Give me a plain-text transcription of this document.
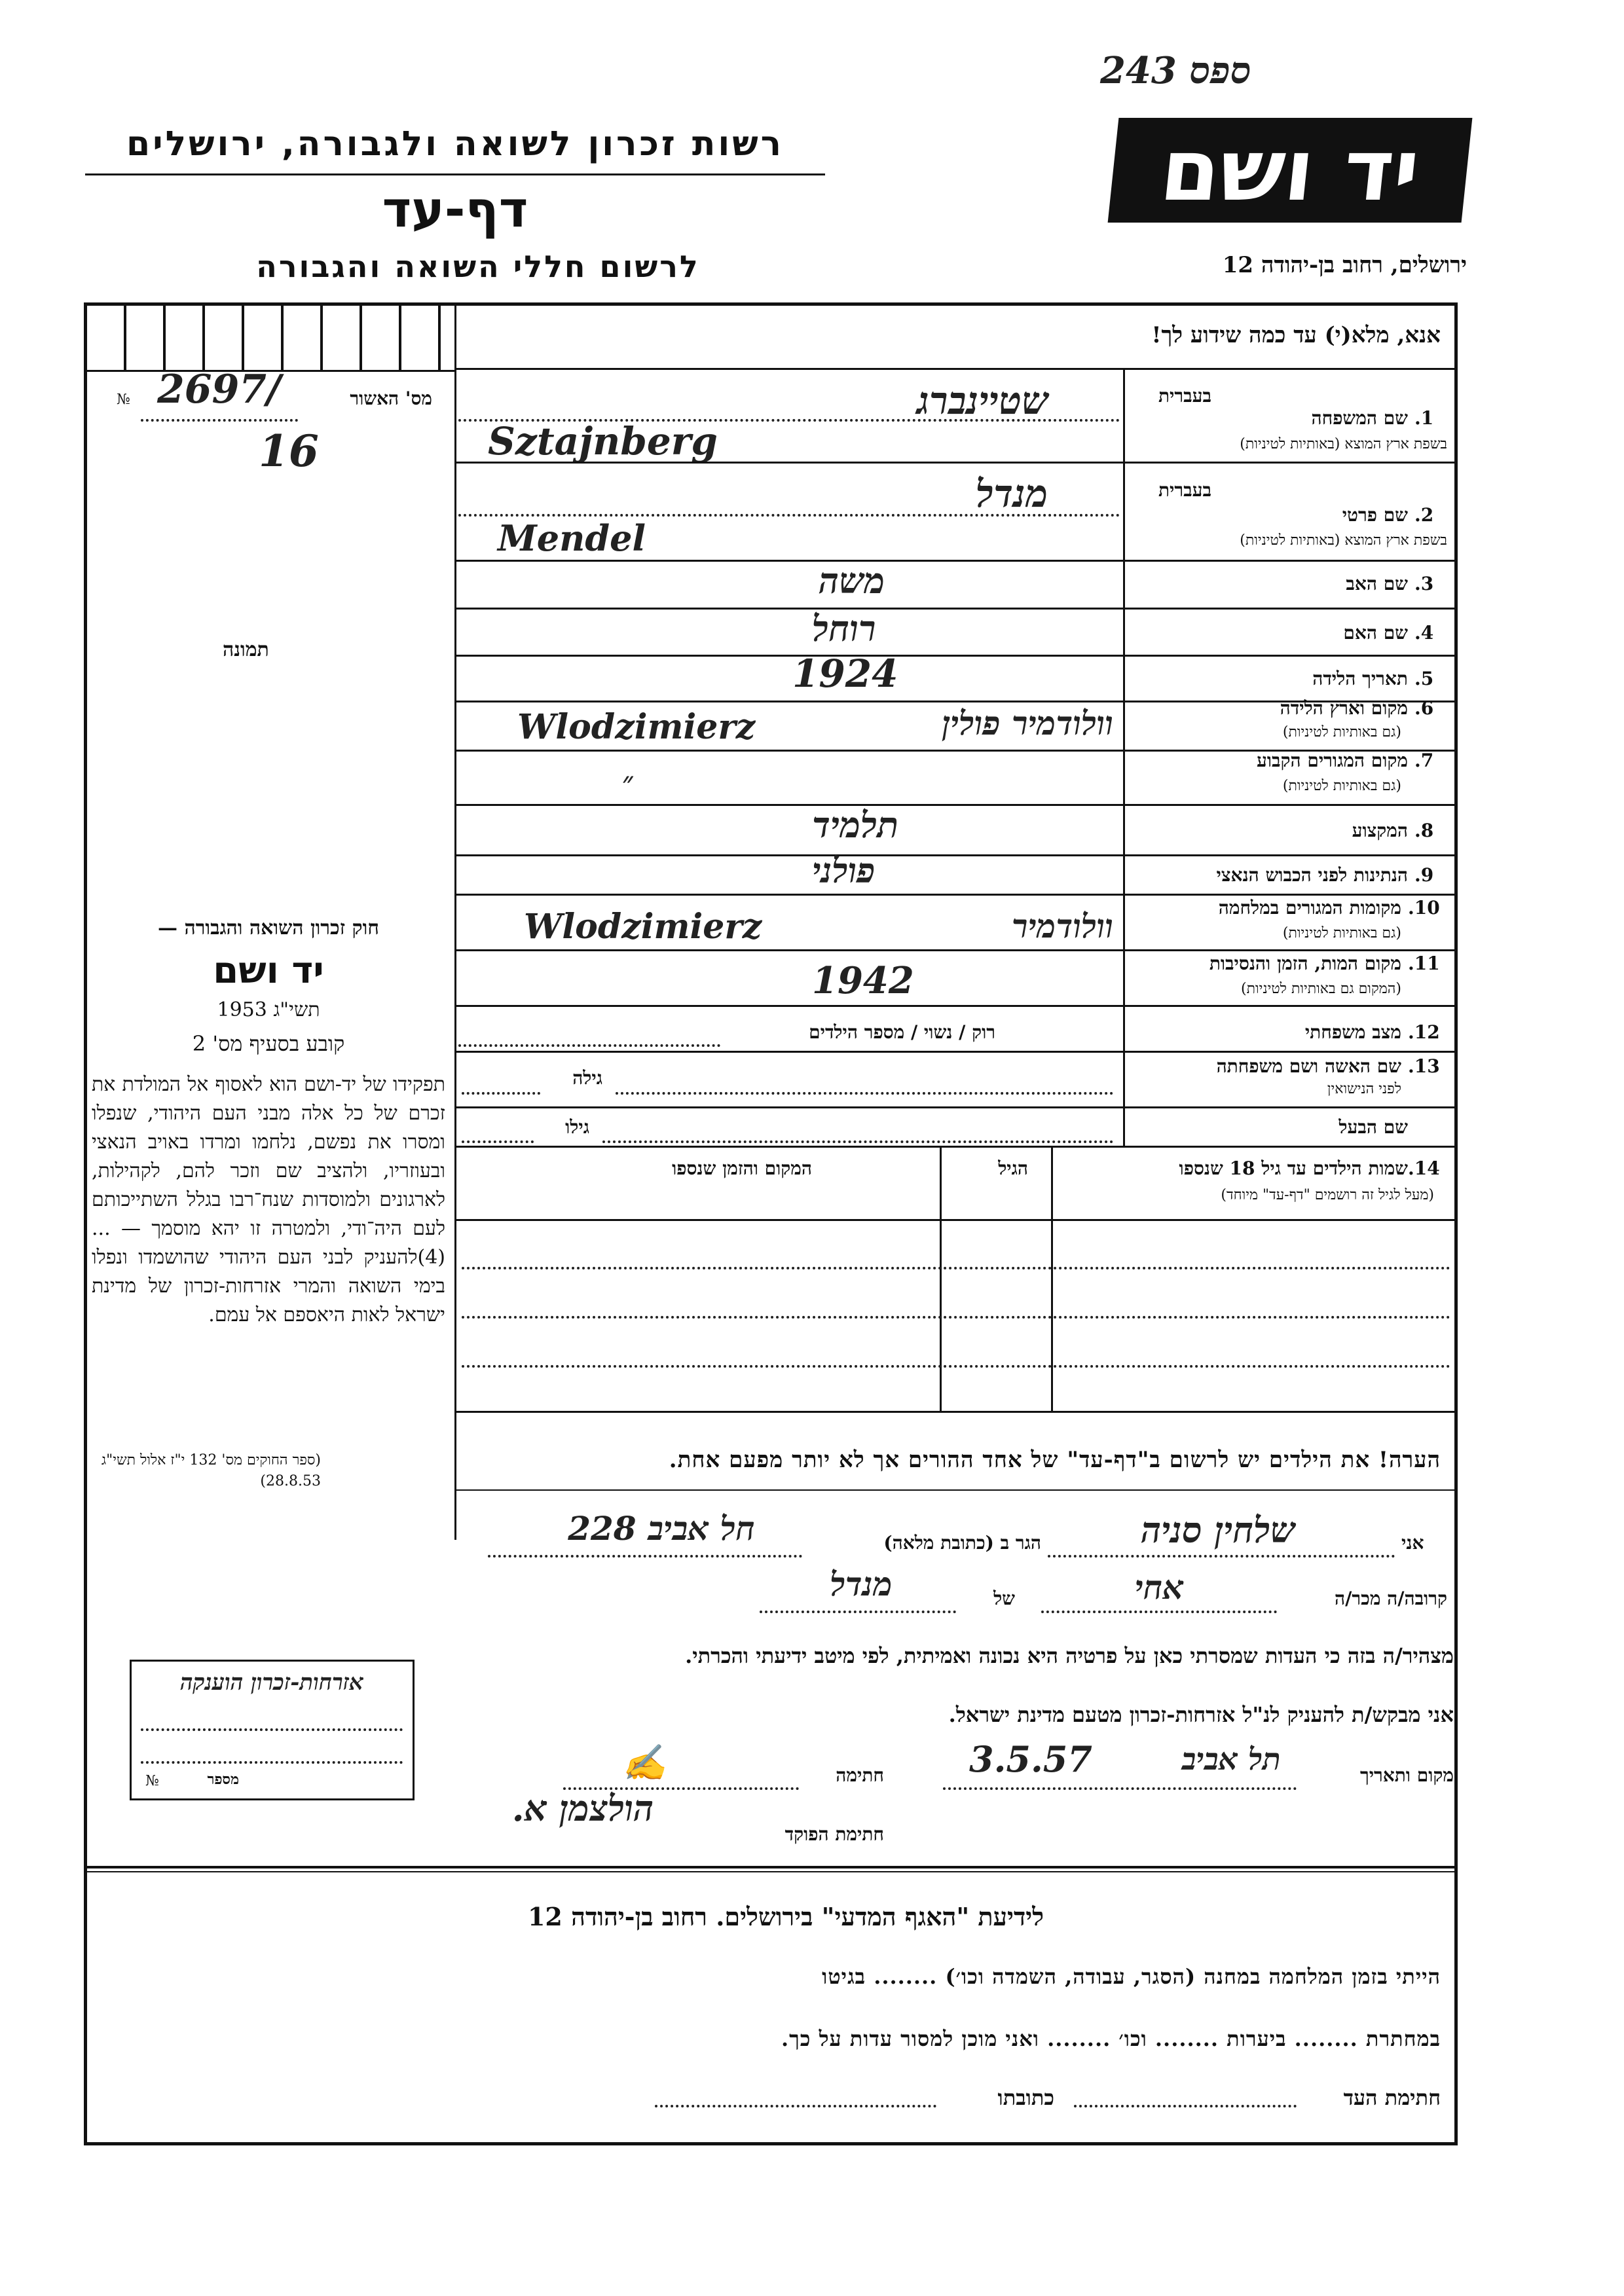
ספס 243
יד ושם
רשות זכרון לשואה ולגבורה, ירושלים
דף-עד
לרשום חללי השואה והגבורה	ירושלים, רחוב בן-יהודה 12
אנא, מלא(י) עד כמה שידוע לך!
מס' האשור
№ 2697/
16
תמונה
בעברית
1.
שם המשפחה
בשפת ארץ המוצא (באותיות לטיניות)
שטיינברג
Sztajnberg
בעברית
2.
שם פרטי
בשפת ארץ המוצא (באותיות לטיניות)
מנדל
Mendel
3.
שם האב
משה
4.
שם האם
רוחל
5.
תאריך הלידה
1924
6.
מקום וארץ הלידה
(גם באותיות לטיניות)
Wlodzimierz	וולודמיר פולין
7.
מקום המגורים הקבוע
(גם באותיות לטיניות)
״
8.
המקצוע
תלמיד
9.
הנתינות לפני הכבוש הנאצי
פולני
10.
מקומות המגורים במלחמה
(גם באותיות לטיניות)
Wlodzimierz	וולודמיר
11.
מקום המות, הזמן והנסיבות
(המקום גם באותיות לטיניות)
1942
12.
מצב משפחתי
רוק / נשוי / מספר הילדים
13.
שם האשה ושם משפחתה
לפני הנישואין
גילה
שם הבעל
גילו
14.
שמות הילדים עד גיל 18 שנספו
(מעל לגיל זה רושמים "דף-עד" מיוחד)
הגיל
המקום והזמן שנספו
הערה! את הילדים יש לרשום ב"דף-עד" של אחד ההורים אך לא יותר מפעם אחת.
חוק זכרון השואה והגבורה —
יד ושם
תשי"ג 1953
קובע בסעיף מס' 2
תפקידו של יד-ושם הוא לאסוף אל המולדת את זכרם של כל אלה מבני העם היהודי, שנפלו ומסרו את נפשם, נלחמו ומרדו באויב הנאצי ובעוזריו, ולהציב שם וזכר להם, לקהילות, לארגונים ולמוסדות שנח־רבו בגלל השתייכותם לעם היה־ודי, ולמטרה זו יהא מוסמך — ...(4)להעניק לבני העם היהודי שהושמדו ונפלו בימי השואה והמרי אזרחות-זכרון של מדינת ישראל לאות היאספם אל עמם.
(ספר החוקים מס' 132 י"ז אלול תשי"ג 28.8.53)
אזרחות-זכרון הוענקה
מספר
№
אני
שלחין סניה
הגר ב (כתובת מלאה)
חל אביב 228
קרובה/ה מכר/ה
אחי
של
מנדל
מצהיר/ה בזה כי העדות שמסרתי כאן על פרטיה היא נכונה ואמיתית, לפי מיטב ידיעתי והכרתי.
אני מבקש/ת להעניק לנ"ל אזרחות-זכרון מטעם מדינת ישראל.
מקום ותאריך
תל אביב
3.5.57
חתימה
✍
הולצמן א.
חתימת הפוקד
לידיעת "האגף המדעי" בירושלים. רחוב בן-יהודה 12
הייתי בזמן המלחמה במחנה (הסגר, עבודה, השמדה וכו׳) ........ בגיטו
במחתרת ........ ביערות ........ וכו׳ ........ ואני מוכן למסור עדות על כך.
חתימת העד
כתובתו
